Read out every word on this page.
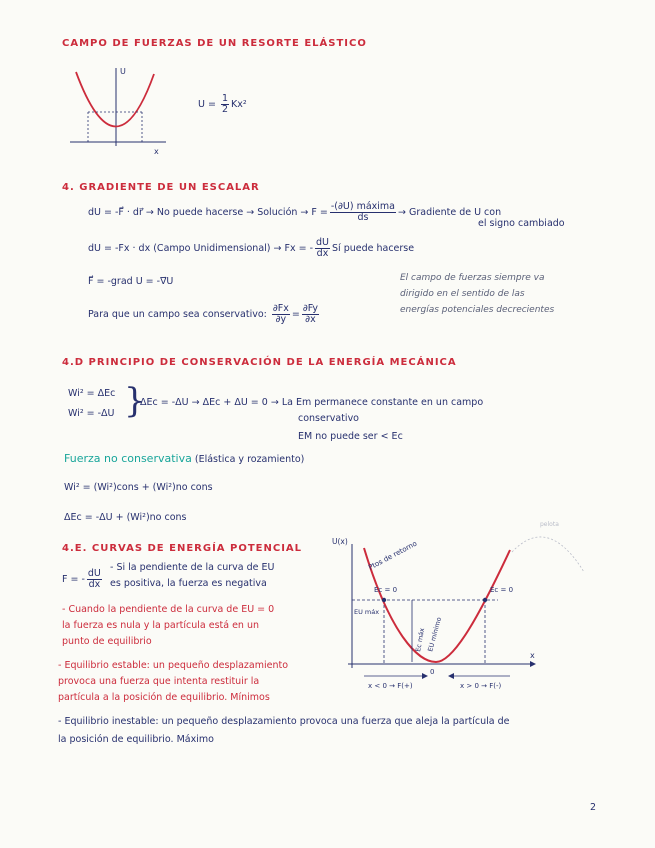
CAMPO DE FUERZAS DE UN RESORTE ELÁSTICO
U
x
$U = \frac{1}{2} Kx^2$
4. GRADIENTE DE UN ESCALAR
dU = -F⃗ · dr⃗ → No puede hacerse → Solución → $F = \frac{\text{-(∂U) máxima}}{ds}$ → Gradiente de U con
el signo cambiado
dU = -Fx · dx (Campo Unidimensional) → Fx = - $\frac{dU}{dx}$ Sí puede hacerse
F⃗ = -grad U = -∇⃗U	El campo de fuerzas siempre va
dirigido en el sentido de las
energías potenciales decrecientes
Para que un campo sea conservativo: $\frac{\partial Fx}{\partial y} = \frac{\partial Fy}{\partial x}$
4.D PRINCIPIO DE CONSERVACIÓN DE LA ENERGÍA MECÁNICA
Wi² = ΔEc
Wi² = -ΔU }
ΔEc = -ΔU → ΔEc + ΔU = 0 → La Em permanece constante en un campo
conservativo
EM no puede ser < Ec
Fuerza no conservativa (Elástica y rozamiento)
Wi² = (Wi²)cons + (Wi²)no cons
ΔEc = -ΔU + (Wi²)no cons
4.E. CURVAS DE ENERGÍA POTENCIAL
F = - $\frac{dU}{dx}$
- Si la pendiente de la curva de EU
es positiva, la fuerza es negativa
- Cuando la pendiente de la curva de EU = 0
la fuerza es nula y la partícula está en un
punto de equilibrio
- Equilibrio estable: un pequeño desplazamiento
provoca una fuerza que intenta restituir la
partícula a la posición de equilibrio. Mínimos
- Equilibrio inestable: un pequeño desplazamiento provoca una fuerza que aleja la partícula de
la posición de equilibrio. Máximo
U(x)
x
Ptos de retorno
Ec = 0	Ec = 0
EU máx
Ec máx EU mínimo
0
x < 0 → F(+)	x > 0 → F(-)
pelota
2
